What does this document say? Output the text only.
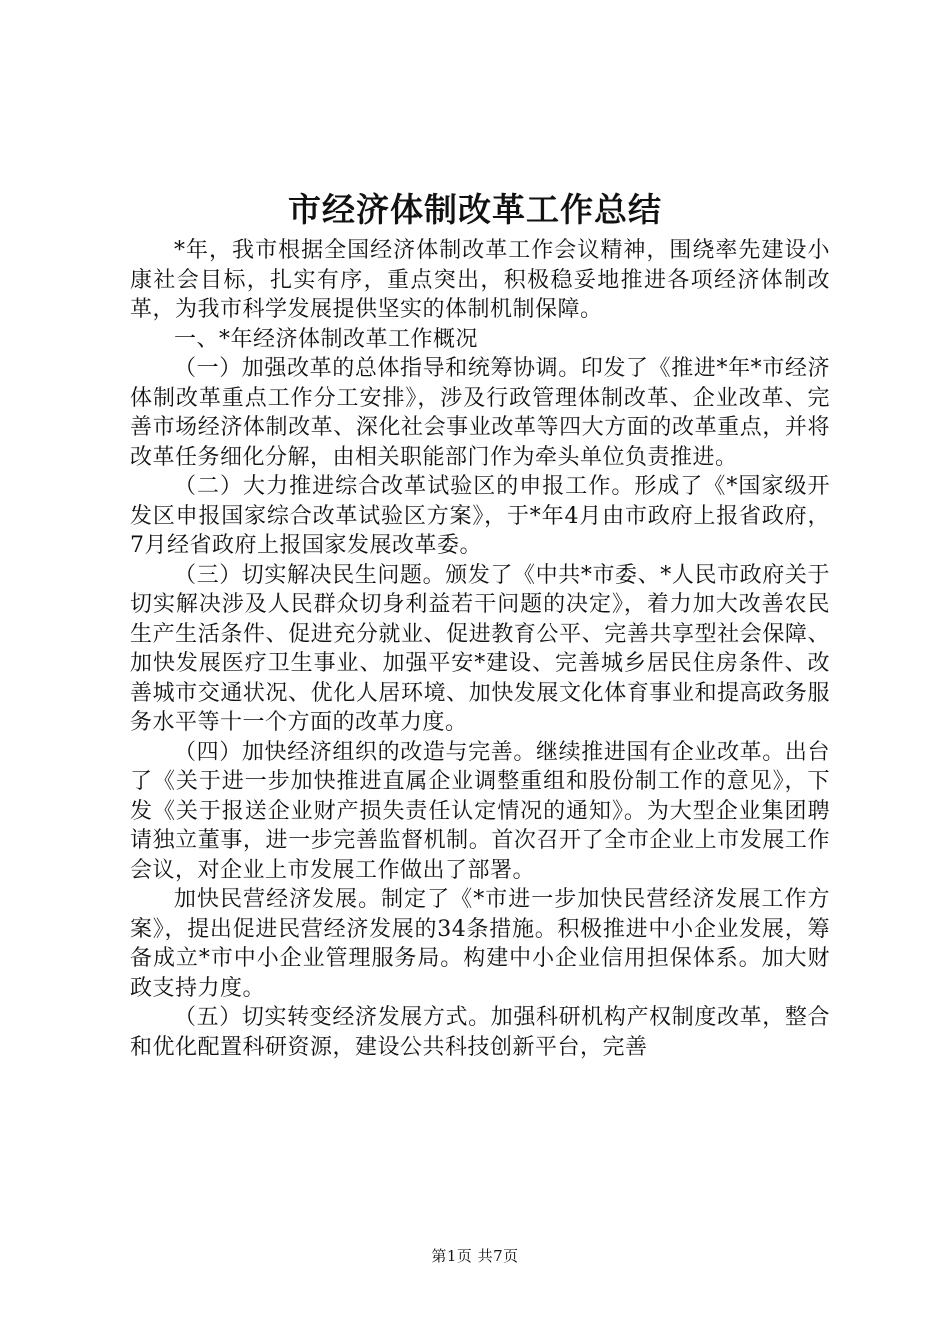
市经济体制改革工作总结

*年，我市根据全国经济体制改革工作会议精神，围绕率先建设小康社会目标，扎实有序，重点突出，积极稳妥地推进各项经济体制改革，为我市科学发展提供坚实的体制机制保障。

一、*年经济体制改革工作概况

（一）加强改革的总体指导和统筹协调。印发了《推进*年*市经济体制改革重点工作分工安排》，涉及行政管理体制改革、企业改革、完善市场经济体制改革、深化社会事业改革等四大方面的改革重点，并将改革任务细化分解，由相关职能部门作为牵头单位负责推进。

（二）大力推进综合改革试验区的申报工作。形成了《*国家级开发区申报国家综合改革试验区方案》，于*年4月由市政府上报省政府，7月经省政府上报国家发展改革委。

（三）切实解决民生问题。颁发了《中共*市委、*人民市政府关于切实解决涉及人民群众切身利益若干问题的决定》，着力加大改善农民生产生活条件、促进充分就业、促进教育公平、完善共享型社会保障、加快发展医疗卫生事业、加强平安*建设、完善城乡居民住房条件、改善城市交通状况、优化人居环境、加快发展文化体育事业和提高政务服务水平等十一个方面的改革力度。

（四）加快经济组织的改造与完善。继续推进国有企业改革。出台了《关于进一步加快推进直属企业调整重组和股份制工作的意见》，下发《关于报送企业财产损失责任认定情况的通知》。为大型企业集团聘请独立董事，进一步完善监督机制。首次召开了全市企业上市发展工作会议，对企业上市发展工作做出了部署。

加快民营经济发展。制定了《*市进一步加快民营经济发展工作方案》，提出促进民营经济发展的34条措施。积极推进中小企业发展，筹备成立*市中小企业管理服务局。构建中小企业信用担保体系。加大财政支持力度。

（五）切实转变经济发展方式。加强科研机构产权制度改革，整合和优化配置科研资源，建设公共科技创新平台，完善

第1页 共7页
